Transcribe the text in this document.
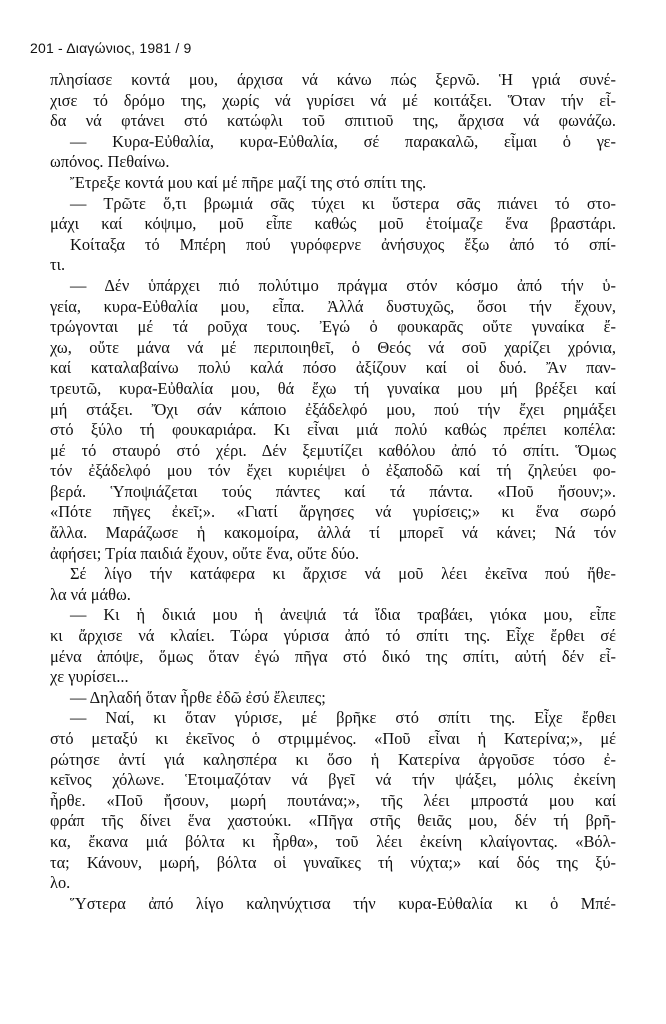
201 - Διαγώνιος, 1981 / 9
πλησίασε κοντά μου, άρχισα νά κάνω πώς ξερνῶ. Ἡ γριά συνέ-
χισε τό δρόμο της, χωρίς νά γυρίσει νά μέ κοιτάξει. Ὅταν τήν εἶ-
δα νά φτάνει στό κατώφλι τοῦ σπιτιοῦ της, ἄρχισα νά φωνάζω.
— Κυρα-Εὐθαλία, κυρα-Εὐθαλία, σέ παρακαλῶ, εἶμαι ὁ γε-
ωπόνος. Πεθαίνω.
Ἔτρεξε κοντά μου καί μέ πῆρε μαζί της στό σπίτι της.
— Τρῶτε ὅ,τι βρωμιά σᾶς τύχει κι ὕστερα σᾶς πιάνει τό στο-
μάχι καί κόψιμο, μοῦ εἶπε καθώς μοῦ ἑτοίμαζε ἕνα βραστάρι.
Κοίταξα τό Μπέρη πού γυρόφερνε ἀνήσυχος ἔξω ἀπό τό σπί-
τι.
— Δέν ὑπάρχει πιό πολύτιμο πράγμα στόν κόσμο ἀπό τήν ὑ-
γεία, κυρα-Εὐθαλία μου, εἶπα. Ἀλλά δυστυχῶς, ὅσοι τήν ἔχουν,
τρώγονται μέ τά ροῦχα τους. Ἐγώ ὁ φουκαρᾶς οὔτε γυναίκα ἔ-
χω, οὔτε μάνα νά μέ περιποιηθεῖ, ὁ Θεός νά σοῦ χαρίζει χρόνια,
καί καταλαβαίνω πολύ καλά πόσο ἀξίζουν καί οἱ δυό. Ἄν παν-
τρευτῶ, κυρα-Εὐθαλία μου, θά ἔχω τή γυναίκα μου μή βρέξει καί
μή στάξει. Ὄχι σάν κάποιο ἐξάδελφό μου, πού τήν ἔχει ρημάξει
στό ξύλο τή φουκαριάρα. Κι εἶναι μιά πολύ καθώς πρέπει κοπέλα:
μέ τό σταυρό στό χέρι. Δέν ξεμυτίζει καθόλου ἀπό τό σπίτι. Ὅμως
τόν ἐξάδελφό μου τόν ἔχει κυριέψει ὁ ἐξαποδῶ καί τή ζηλεύει φο-
βερά. Ὑποψιάζεται τούς πάντες καί τά πάντα. «Ποῦ ἤσουν;».
«Πότε πῆγες ἐκεῖ;». «Γιατί ἄργησες νά γυρίσεις;» κι ἕνα σωρό
ἄλλα. Μαράζωσε ἡ κακομοίρα, ἀλλά τί μπορεῖ νά κάνει; Νά τόν
ἀφήσει; Τρία παιδιά ἔχουν, οὔτε ἕνα, οὔτε δύο.
Σέ λίγο τήν κατάφερα κι ἄρχισε νά μοῦ λέει ἐκεῖνα πού ἤθε-
λα νά μάθω.
— Κι ἡ δικιά μου ἡ ἀνεψιά τά ἴδια τραβάει, γιόκα μου, εἶπε
κι ἄρχισε νά κλαίει. Τώρα γύρισα ἀπό τό σπίτι της. Εἶχε ἔρθει σέ
μένα ἀπόψε, ὅμως ὅταν ἐγώ πῆγα στό δικό της σπίτι, αὐτή δέν εἶ-
χε γυρίσει...
— Δηλαδή ὅταν ἦρθε ἐδῶ ἐσύ ἔλειπες;
— Ναί, κι ὅταν γύρισε, μέ βρῆκε στό σπίτι της. Εἶχε ἔρθει
στό μεταξύ κι ἐκεῖνος ὁ στριμμένος. «Ποῦ εἶναι ἡ Κατερίνα;», μέ
ρώτησε ἀντί γιά καλησπέρα κι ὅσο ἡ Κατερίνα ἀργοῦσε τόσο ἐ-
κεῖνος χόλωνε. Ἑτοιμαζόταν νά βγεῖ νά τήν ψάξει, μόλις ἐκείνη
ἦρθε. «Ποῦ ἤσουν, μωρή πουτάνα;», τῆς λέει μπροστά μου καί
φράπ τῆς δίνει ἕνα χαστούκι. «Πῆγα στῆς θειᾶς μου, δέν τή βρῆ-
κα, ἔκανα μιά βόλτα κι ἦρθα», τοῦ λέει ἐκείνη κλαίγοντας. «Βόλ-
τα; Κάνουν, μωρή, βόλτα οἱ γυναῖκες τή νύχτα;» καί δός της ξύ-
λο.
Ὕστερα ἀπό λίγο καληνύχτισα τήν κυρα-Εὐθαλία κι ὁ Μπέ-
